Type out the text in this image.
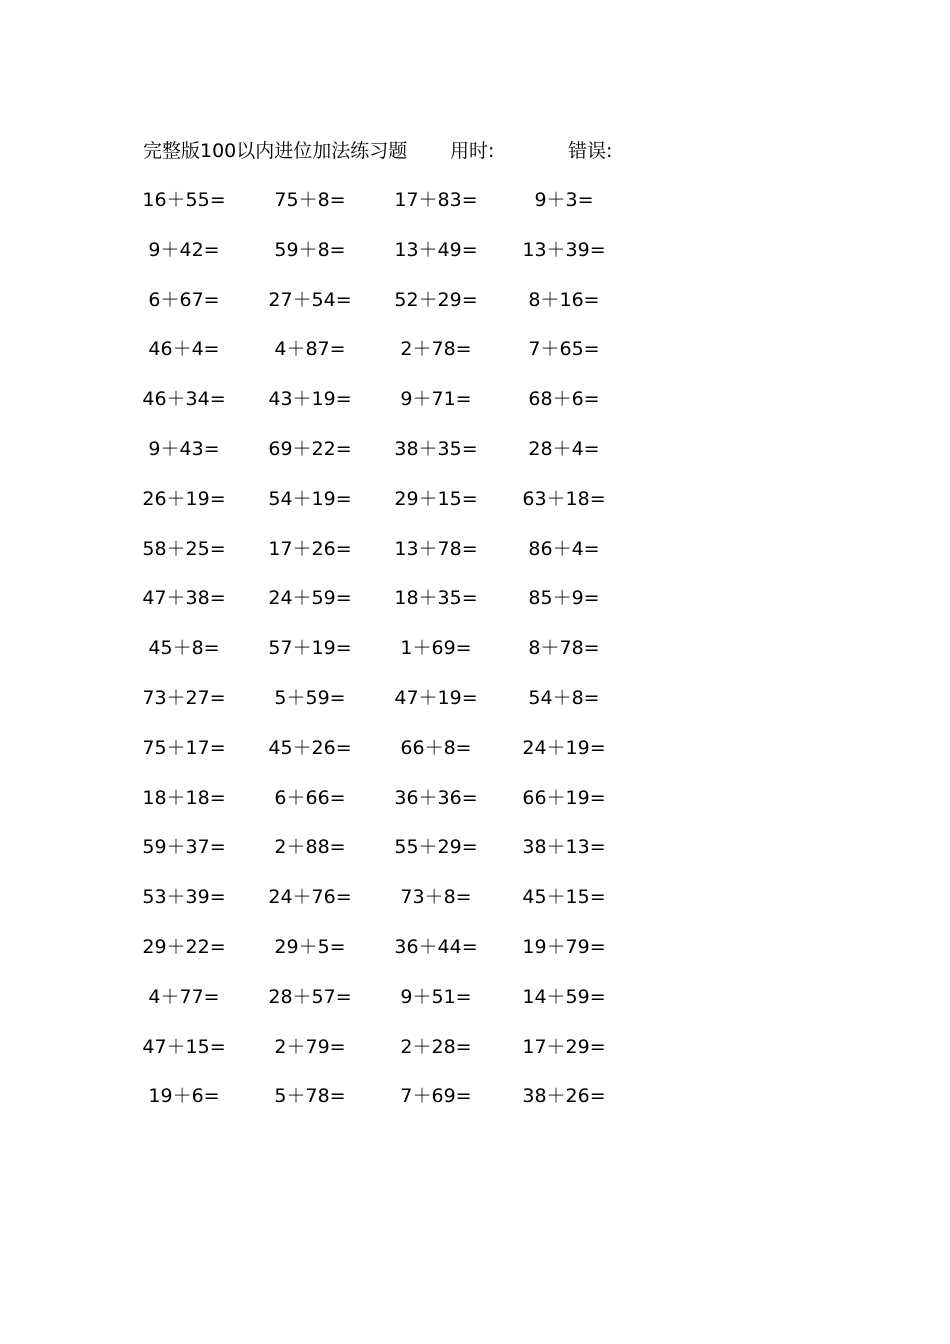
完整版100以内进位加法练习题 用时:	错误:
16＋55=	75＋8=	17＋83=	9＋3=
9＋42=	59＋8=	13＋49= 13＋39=
6＋67=	27＋54= 52＋29=	8＋16=
46＋4=	4＋87=	2＋78=	7＋65=
46＋34= 43＋19=	9＋71=	68＋6=
9＋43=	69＋22= 38＋35=	28＋4=
26＋19= 54＋19= 29＋15= 63＋18=
58＋25= 17＋26= 13＋78=	86＋4=
47＋38= 24＋59= 18＋35=	85＋9=
45＋8=	57＋19=	1＋69=	8＋78=
73＋27=	5＋59=	47＋19=	54＋8=
75＋17= 45＋26=	66＋8=	24＋19=
18＋18=	6＋66=	36＋36= 66＋19=
59＋37=	2＋88=	55＋29= 38＋13=
53＋39= 24＋76=	73＋8=	45＋15=
29＋22=	29＋5=	36＋44= 19＋79=
4＋77=	28＋57=	9＋51=	14＋59=
47＋15=	2＋79=	2＋28=	17＋29=
19＋6=	5＋78=	7＋69=	38＋26=
